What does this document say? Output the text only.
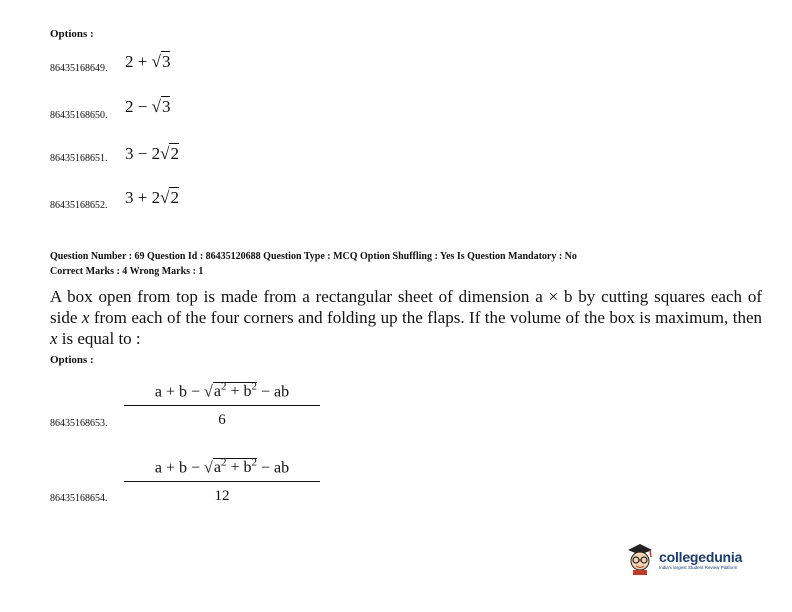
Options :
86435168649. 2 + √3
86435168650. 2 − √3
86435168651. 3 − 2√2
86435168652. 3 + 2√2
Question Number : 69 Question Id : 86435120688 Question Type : MCQ Option Shuffling : Yes Is Question Mandatory : No
Correct Marks : 4 Wrong Marks : 1
A box open from top is made from a rectangular sheet of dimension a × b by cutting squares each of side x from each of the four corners and folding up the flaps. If the volume of the box is maximum, then x is equal to :
Options :
86435168653.
$a + b - √a^2 + b^2$ − ab
6
86435168654.
$a + b - √a^2 + b^2$ − ab
12
collegedunia
India's largest Student Review Platform
